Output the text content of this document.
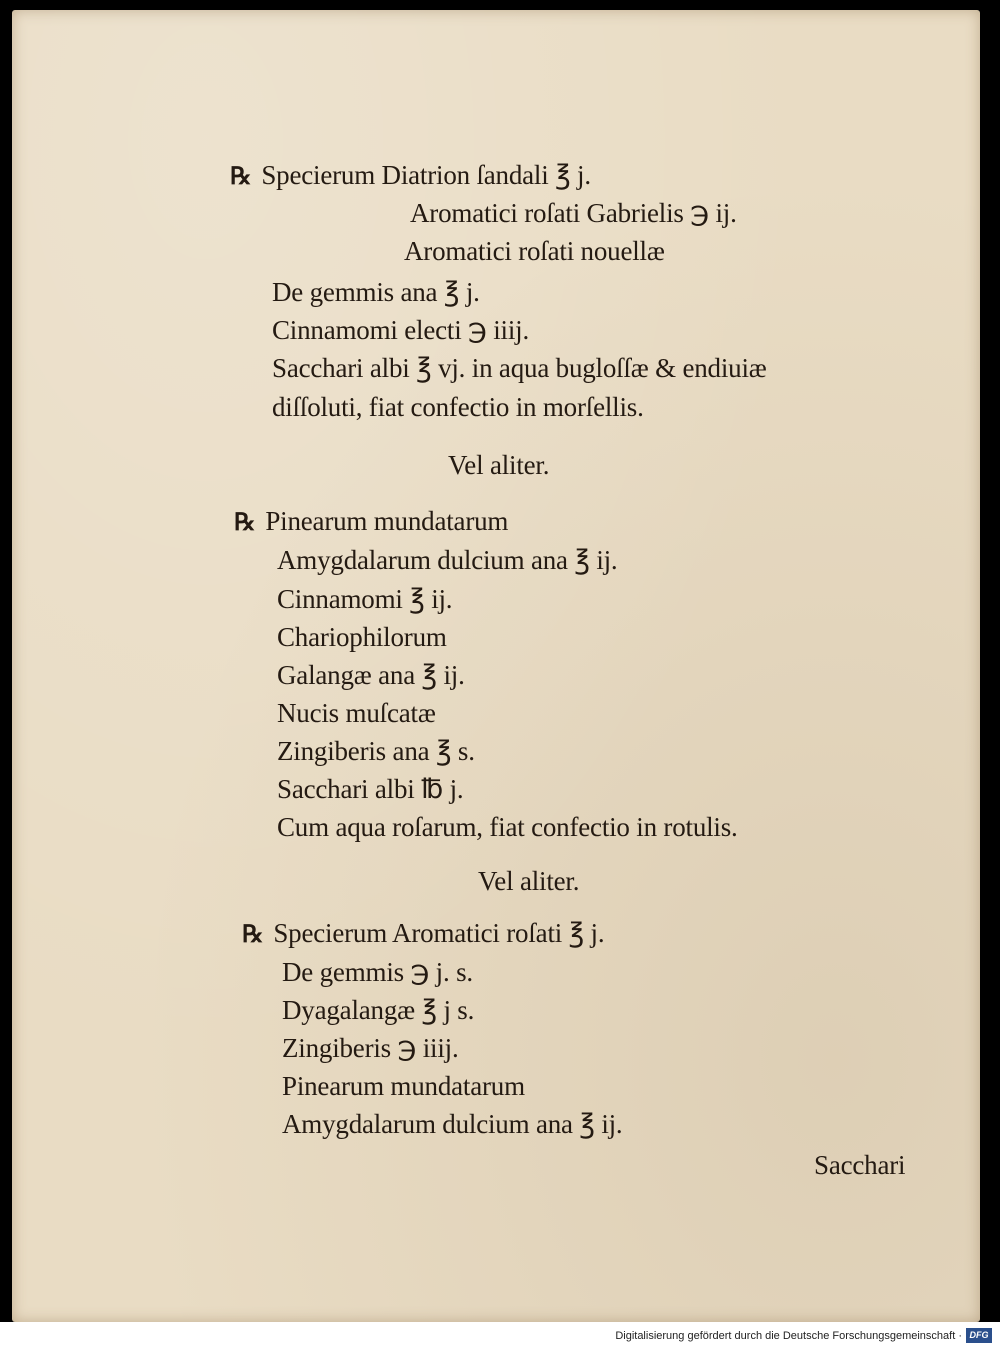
℞ Specierum Diatrion ſandali ℥ j.
Aromatici roſati Gabrielis ℈ ij.
Aromatici roſati nouellæ
De gemmis ana ℥ j.
Cinnamomi electi ℈ iiij.
Sacchari albi ℥ vj. in aqua bugloſſæ & endiuiæ
diſſoluti, fiat confectio in morſellis.
Vel aliter.
℞ Pinearum mundatarum
Amygdalarum dulcium ana ℥ ij.
Cinnamomi ℥ ij.
Chariophilorum
Galangæ ana ℥ ij.
Nucis muſcatæ
Zingiberis ana ℥ s.
Sacchari albi ℔ j.
Cum aqua roſarum, fiat confectio in rotulis.
Vel aliter.
℞ Specierum Aromatici roſati ℥ j.
De gemmis ℈ j. s.
Dyagalangæ ℥ j s.
Zingiberis ℈ iiij.
Pinearum mundatarum
Amygdalarum dulcium ana ℥ ij.
Sacchari
Digitalisierung gefördert durch die Deutsche Forschungsgemeinschaft · DFG
